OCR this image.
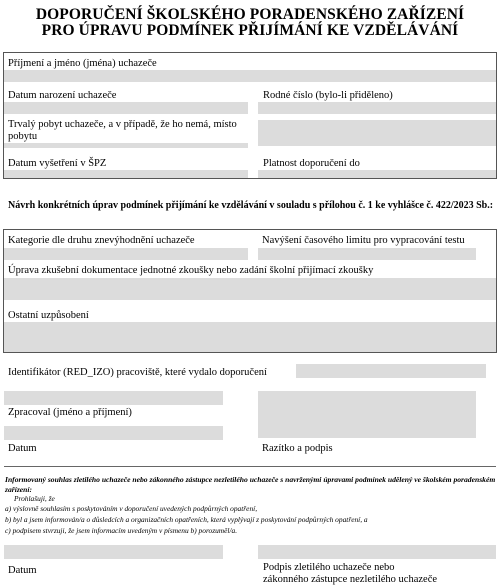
DOPORUČENÍ ŠKOLSKÉHO PORADENSKÉHO ZAŘÍZENÍ
PRO ÚPRAVU PODMÍNEK PŘIJÍMÁNÍ KE VZDĚLÁVÁNÍ
Příjmení a jméno (jména) uchazeče
Datum narození uchazeče	Rodné číslo (bylo-li přiděleno)
Trvalý pobyt uchazeče, a v případě, že ho nemá, místo pobytu
Datum vyšetření v ŠPZ	Platnost doporučení do
Návrh konkrétních úprav podmínek přijímání ke vzdělávání v souladu s přílohou č. 1 ke vyhlášce č. 422/2023 Sb.:
Kategorie dle druhu znevýhodnění uchazeče	Navýšení časového limitu pro vypracování testu
Úprava zkušební dokumentace jednotné zkoušky nebo zadání školní přijímací zkoušky
Ostatní uzpůsobení
Identifikátor (RED_IZO) pracoviště, které vydalo doporučení
Zpracoval (jméno a příjmení)
Datum	Razítko a podpis
Informovaný souhlas zletilého uchazeče nebo zákonného zástupce nezletilého uchazeče s navrženými úpravami podmínek udělený ve školském poradenském zařízení:
Prohlašuji, že
a) výslovně souhlasím s poskytováním v doporučení uvedených podpůrných opatření,
b) byl a jsem informován/a o důsledcích a organizačních opatřeních, která vyplývají z poskytování podpůrných opatření, a
c) podpisem stvrzuji, že jsem informacím uvedeným v písmenu b) porozuměl/a.
Datum	Podpis zletilého uchazeče nebo
zákonného zástupce nezletilého uchazeče
